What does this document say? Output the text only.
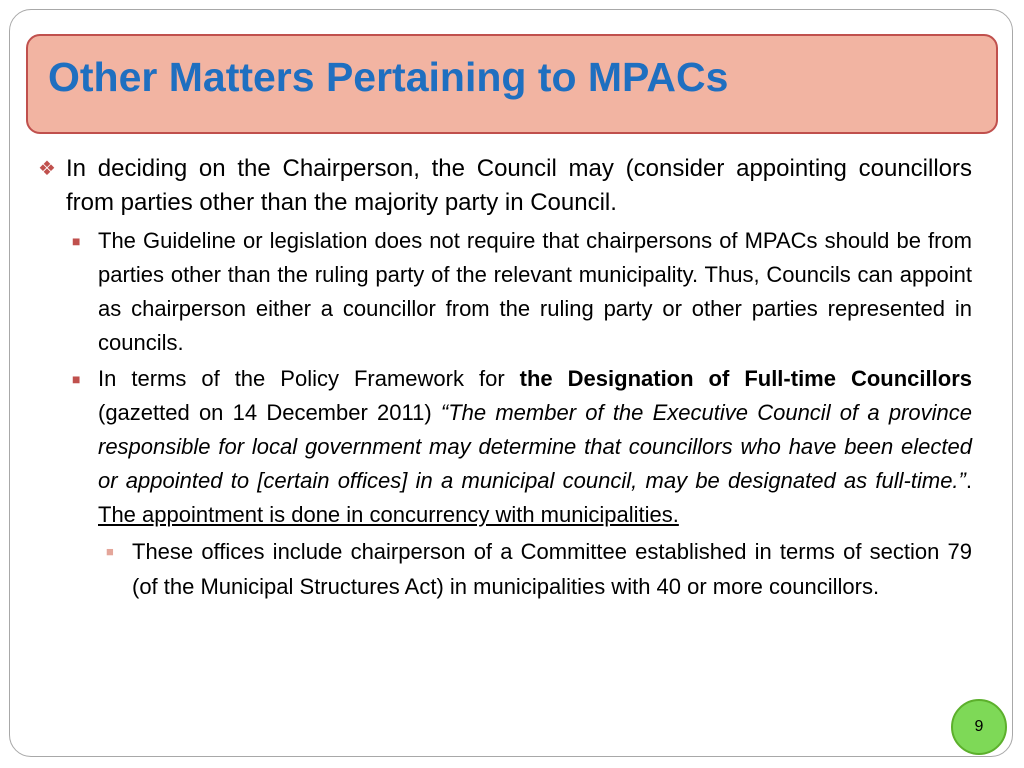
Other Matters Pertaining to MPACs

❖ In deciding on the Chairperson, the Council may (consider appointing councillors from parties other than the majority party in Council.

■ The Guideline or legislation does not require that chairpersons of MPACs should be from parties other than the ruling party of the relevant municipality. Thus, Councils can appoint as chairperson either a councillor from the ruling party or other parties represented in councils.

■ In terms of the Policy Framework for the Designation of Full-time Councillors (gazetted on 14 December 2011) “The member of the Executive Council of a province responsible for local government may determine that councillors who have been elected or appointed to [certain offices] in a municipal council, may be designated as full-time.”. The appointment is done in concurrency with municipalities.

■ These offices include chairperson of a Committee established in terms of section 79 (of the Municipal Structures Act) in municipalities with 40 or more councillors.

9
